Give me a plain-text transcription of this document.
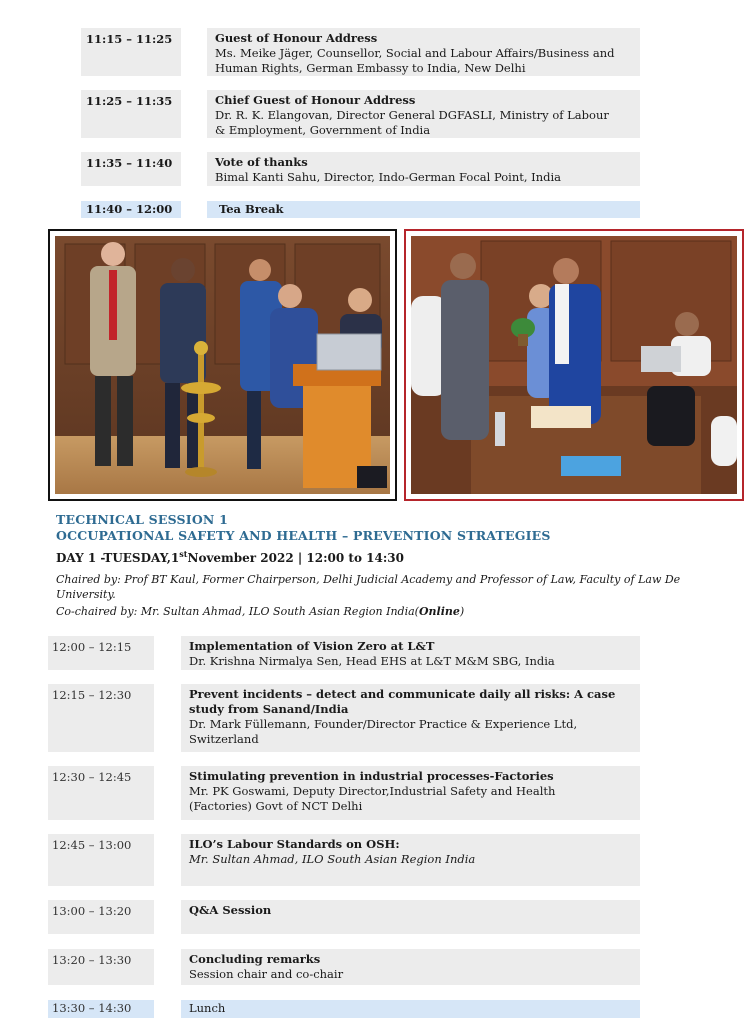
11:15 – 11:25	Guest of Honour Address
Ms. Meike Jäger, Counsellor, Social and Labour Affairs/Business and
Human Rights, German Embassy to India, New Delhi
11:25 – 11:35	Chief Guest of Honour Address
Dr. R. K. Elangovan, Director General DGFASLI, Ministry of Labour
& Employment, Government of India
11:35 – 11:40	Vote of thanks
Bimal Kanti Sahu, Director, Indo-German Focal Point, India
11:40 – 12:00	Tea Break
TECHNICAL SESSION 1
OCCUPATIONAL SAFETY AND HEALTH – PREVENTION STRATEGIES
DAY 1 -TUESDAY,1stNovember 2022 | 12:00 to 14:30
Chaired by: Prof BT Kaul, Former Chairperson, Delhi Judicial Academy and Professor of Law, Faculty of Law De
University.
Co-chaired by: Mr. Sultan Ahmad, ILO South Asian Region India(Online)
12:00 – 12:15	Implementation of Vision Zero at L&T
Dr. Krishna Nirmalya Sen, Head EHS at L&T M&M SBG, India
12:15 – 12:30	Prevent incidents – detect and communicate daily all risks: A case
study from Sanand/India
Dr. Mark Füllemann, Founder/Director Practice & Experience Ltd,
Switzerland
12:30 – 12:45	Stimulating prevention in industrial processes-Factories
Mr. PK Goswami, Deputy Director,Industrial Safety and Health
(Factories) Govt of NCT Delhi
12:45 – 13:00	ILO’s Labour Standards on OSH:
Mr. Sultan Ahmad, ILO South Asian Region India
13:00 – 13:20	Q&A Session
13:20 – 13:30	Concluding remarks
Session chair and co-chair
13:30 – 14:30	Lunch
